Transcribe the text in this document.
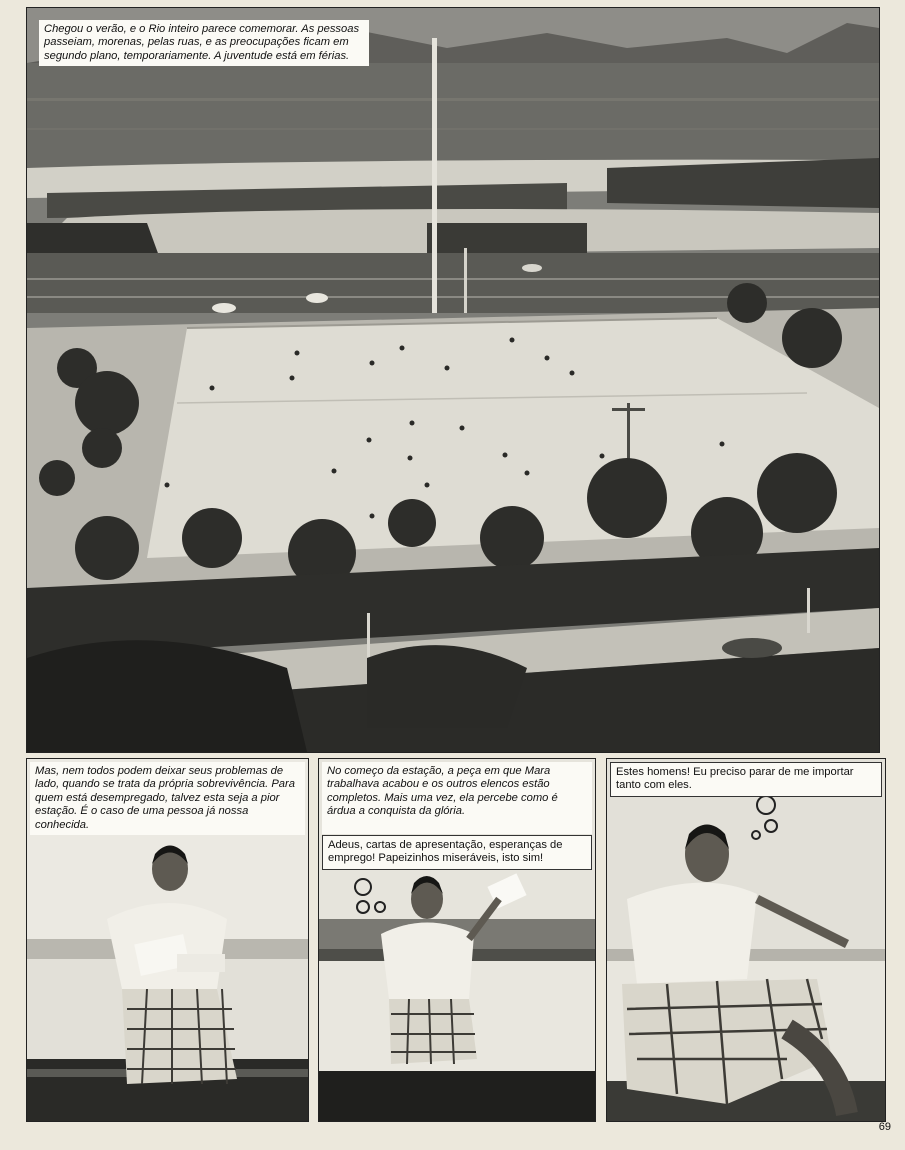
Chegou o verão, e o Rio inteiro parece comemorar. As pessoas passeiam, morenas, pelas ruas, e as preocupações ficam em segundo plano, temporariamente. A juventude está em férias.
Mas, nem todos podem deixar seus problemas de lado, quando se trata da própria sobrevivência. Para quem está desempregado, talvez esta seja a pior estação. É o caso de uma pessoa já nossa conhecida.
No começo da estação, a peça em que Mara trabalhava acabou e os outros elencos estão completos. Mais uma vez, ela percebe como é árdua a conquista da glória.
Adeus, cartas de apresentação, esperanças de emprego! Papeizinhos miseráveis, isto sim!
Estes homens! Eu preciso parar de me importar tanto com eles.
69
